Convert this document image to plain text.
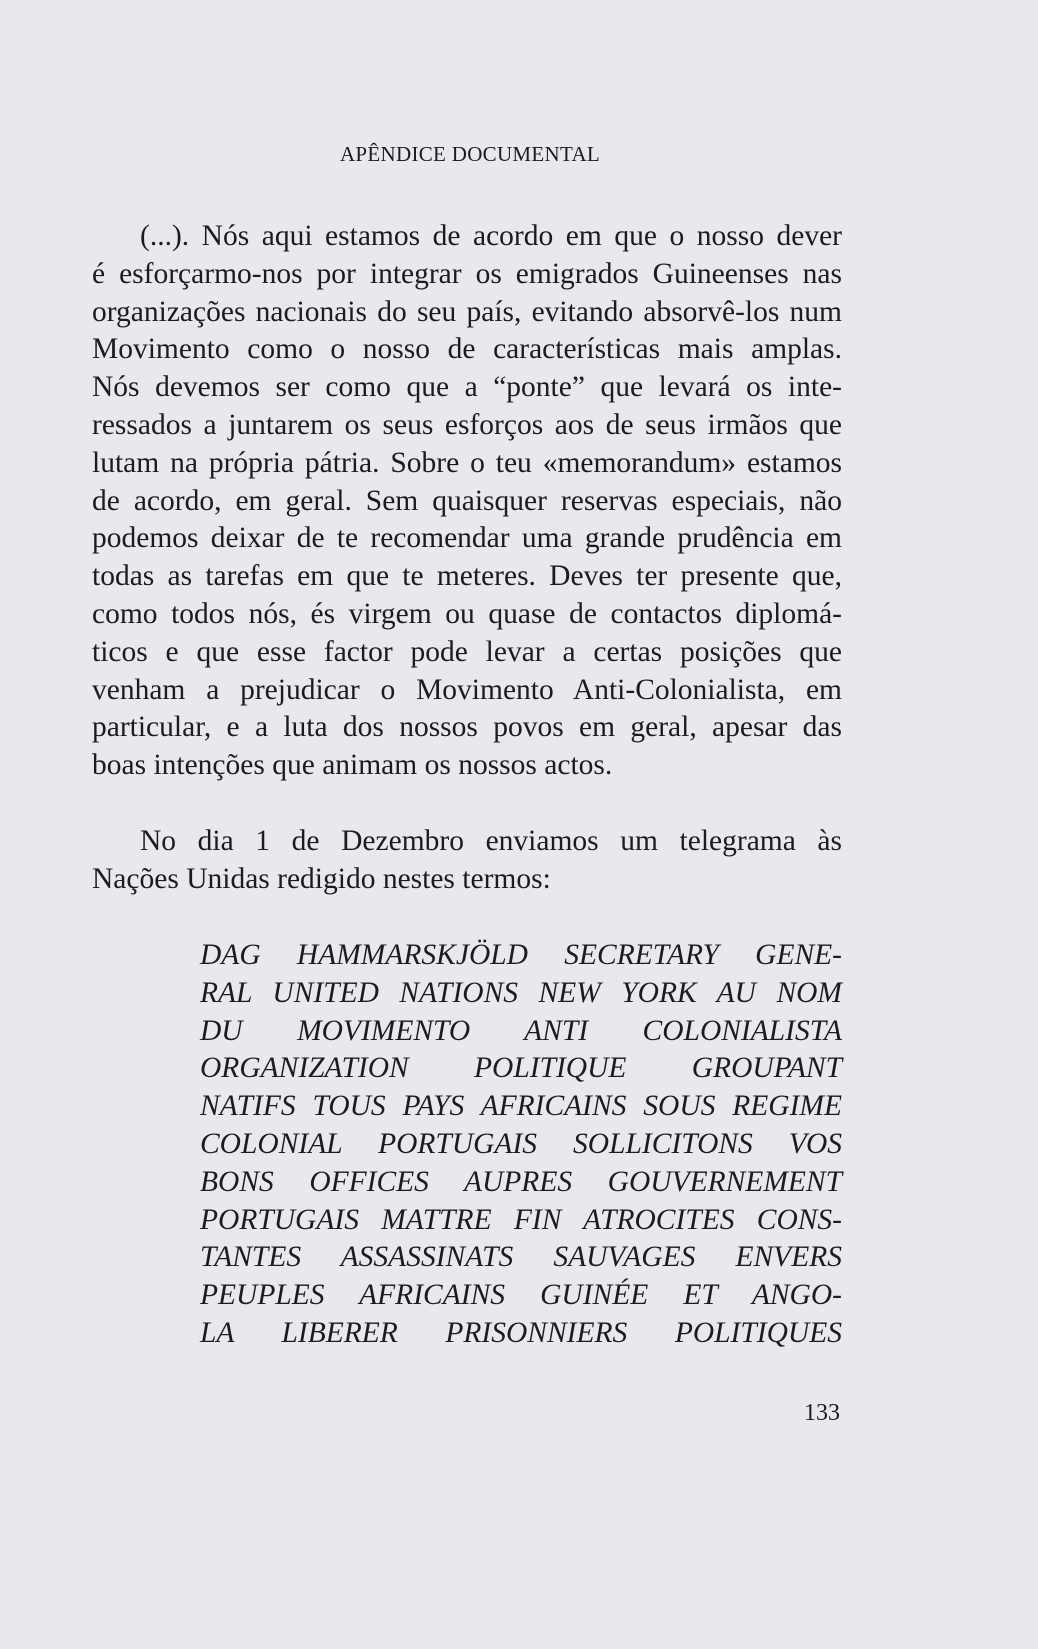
APÊNDICE DOCUMENTAL
(...). Nós aqui estamos de acordo em que o nosso dever
é esforçarmo-nos por integrar os emigrados Guineenses nas
organizações nacionais do seu país, evitando absorvê-los num
Movimento como o nosso de características mais amplas.
Nós devemos ser como que a “ponte” que levará os inte-
ressados a juntarem os seus esforços aos de seus irmãos que
lutam na própria pátria. Sobre o teu «memorandum» estamos
de acordo, em geral. Sem quaisquer reservas especiais, não
podemos deixar de te recomendar uma grande prudência em
todas as tarefas em que te meteres. Deves ter presente que,
como todos nós, és virgem ou quase de contactos diplomá-
ticos e que esse factor pode levar a certas posições que
venham a prejudicar o Movimento Anti-Colonialista, em
particular, e a luta dos nossos povos em geral, apesar das
boas intenções que animam os nossos actos.
No dia 1 de Dezembro enviamos um telegrama às
Nações Unidas redigido nestes termos:
DAG HAMMARSKJÖLD SECRETARY GENE-
RAL UNITED NATIONS NEW YORK AU NOM
DU MOVIMENTO ANTI COLONIALISTA
ORGANIZATION POLITIQUE GROUPANT
NATIFS TOUS PAYS AFRICAINS SOUS REGIME
COLONIAL PORTUGAIS SOLLICITONS VOS
BONS OFFICES AUPRES GOUVERNEMENT
PORTUGAIS MATTRE FIN ATROCITES CONS-
TANTES ASSASSINATS SAUVAGES ENVERS
PEUPLES AFRICAINS GUINÉE ET ANGO-
LA LIBERER PRISONNIERS POLITIQUES
133
